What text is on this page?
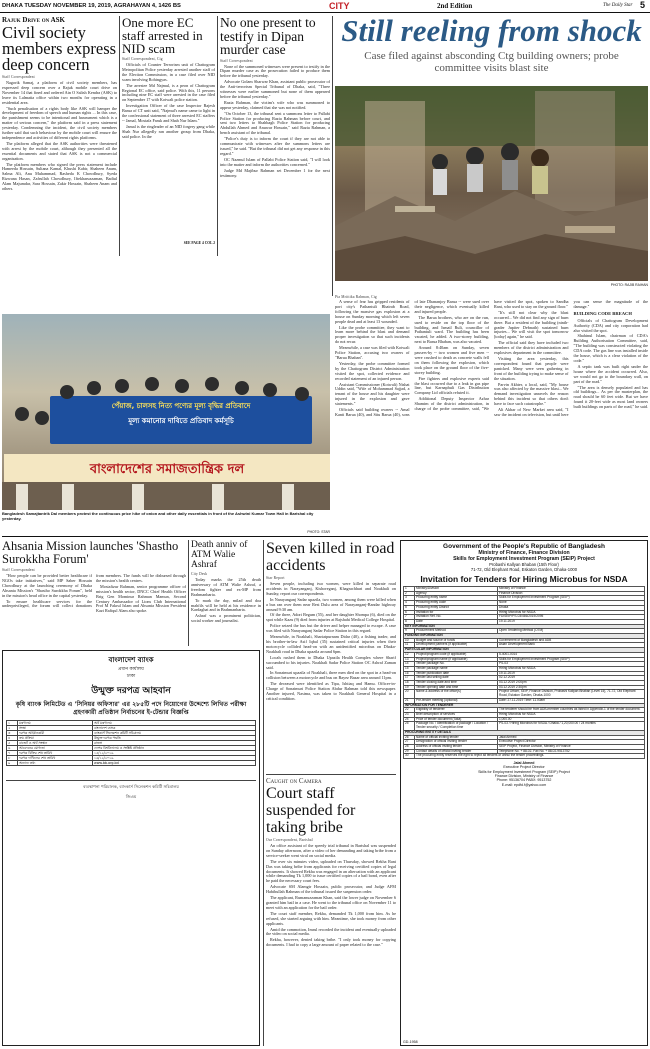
DHAKA TUESDAY NOVEMBER 19, 2019, AGRAHAYAN 4, 1426 BS	CITY	2nd Edition	The Daily Star 5
Rajuk Drive on ASK
Civil society members express deep concern
Staff Correspondent

Nagorik Samaj, a platform of civil society members, has expressed deep concern over a Rajuk mobile court drive on November 14 that fined and ordered Ain O Salish Kendra (ASK) to leave its Lalmatia office within two months for operating in a residential area.

"Such penalisation of a rights body like ASK will hamper the development of freedom of speech and human rights ... In this case, the punishment seems to be intentional and harassment which is a matter of serious concern," the platform said in a press statement yesterday. Condemning the incident, the civil society members further said that such behaviour by the mobile court will ensure the independence and activities of different rights platforms.

The platform alleged that the ASK authorities were threatened with arrest by the mobile court, although they presented all the essential documents and stated that ASK is not a commercial organisation.

The platform members who signed the press statement include Hameeda Hossain, Sultana Kamal, Khushi Kabir, Shaheen Anam, Salma Ali, Anu Muhammad, Rasheda K Chowdhury, Syeda Rizwana Hasan, Zafrullah Chowdhury, Iftekharuzzaman, Badiul Alam Majumdar, Sara Hossain, Zakir Hossain, Shaheen Anam and others.

One more EC staff arrested in NID scam
Staff Correspondent, Ctg

Officials of Counter Terrorism unit of Chattogram Metropolitan Police yesterday arrested another staff of the Election Commission, in a case filed over NID scam involving Rohingyas.

The arrestee Md Najmul, is a peon of Chattogram Regional EC office, said police. With this, 11 persons including nine EC staff were arrested in the case filed on September 17 with Kotwali police station.

Investigation Officer of the case Inspector Rajesh Barua of CT unit said, "Najmul's name came to light in the confessional statement of three arrested EC staffers -- Jamal, Mostafa Faruk and Shah Nur Islam."

Jamal is the ringleader of an NID forgery gang while Shah Nur allegedly ran another group from Dhaka, said police. In the

SEE PAGE 4 COL 2
No one present to testify in Dipan murder case
Staff Correspondent

None of the summoned witnesses were present to testify in the Dipan murder case as the prosecution failed to produce them before the tribunal yesterday.

Advocate Golam Sharwar Khan, assistant public prosecutor of the Anti-terrorism Special Tribunal of Dhaka, said, "Three witnesses were earlier summoned but none of them appeared before the tribunal yesterday."

Razia Rahman, the victim's wife who was summoned to appear yesterday, claimed that she was not notified.

"On October 13, the tribunal sent a summons letter to Pallabi Police Station for producing Razia Rahman before court, and sent two letters to Shahbagh Police Station for producing Abdullah Ahmed and Anuwar Hossain," said Razia Rahman, a bench assistant of the tribunal.

"Police's duty is to inform the court if they are not able to communicate with witnesses after the summons letters are issued," he said. "But the tribunal did not get any response in this regard."

OC Nazmul Islam of Pallabi Police Station said, "I will look into the matter and inform the authorities concerned."

Judge Md Majibur Rahman set December 1 for the next testimony.

Still reeling from shock
Case filed against absconding Ctg building owners; probe committee visits blast site
PHOTO: RAJIB RAIHAN
পেঁয়াজ, চালসহ নিত্য পণ্যের মূল্য বৃদ্ধির প্রতিবাদে
মূল্য কমানোর দাবিতে প্রতিবাদ কর্মসূচি
বাংলাদেশের সমাজতান্ত্রিক দল
Bangladesh Samajtantrik Dal members protest the continuous price hike of onion and other daily essentials in front of the Ashwini Kumar Town Hall in Barishal city yesterday.
PHOTO: STAR
Pia Mrittika Rahman, Ctg

A sense of fear has gripped residents of port city's Pathantuli Bhairab Road, following the massive gas explosion at a house on Sunday morning which left seven people dead and at least 13 wounded.

Like the probe committee, they want to learn more behind the blast and demand proper investigation so that such incidents do not recur.

Meanwhile, a case was filed with Kotwali Police Station, accusing two owners of "Barua Bhaban".

Yesterday, the probe committee formed by the Chattogram District Administration visited the spot, collected evidence and recorded statement of an injured person.

Assistant Commissioner (Kotwali) Nishat Uddin said, "Wife of Mohammad Sajjad, a tenant of the house and his daughter were injured in the explosion and gave statements."

Officials said building owners -- Amal Kanti Barua (40), and Situ Barua (40), sons of late Dhananjoy Barua -- were sued over their negligence, which eventually killed and injured people.

The Barua brothers, who are on the run, used to reside on the top floor of the building, and Ismail Ruli, councillor of Pathantuli ward. The building has been vacated, he added. A two-storey building, next to Barua Bhaban, was also vacated.

Around 8:40am on Sunday, seven passers-by -- two women and five men -- were crushed to death as concrete walls fell on them following the explosion, which took place on the ground floor of the five-storey building.

Fire fighters and explosive experts said the blast occurred due to a leak in gas pipe line, but Karnaphuli Gas Distribution Company Ltd officials refuted it.

Additional Deputy Inspector Azhar Shamim of the district administration, in charge of the probe committee, said, "We have visited the spot, spoken to Sandha Rani, who used to stay on the ground floor."

"It's still not clear why the blast occurred... We did not find any sign of burn there. But a resident of the building (ninth-grader Jupiter Debnath) sustained burn injuries... We will visit the spot tomorrow [today] again," he said.

The official said they have included two members of the district administration and explosives department in the committee.

Visiting the area yesterday, this correspondent found that people were panicked. Many were seen gathering in front of the building trying to make sense of the situation.

Parvin Akhter, a local, said, "My house was also affected by the massive blast... We demand investigation unravels the reason behind this incident so that others don't have to face such catastrophe."

Ali Akbar of New Market area said, "I saw the incident on television, but until here you can sense the magnitude of the damage."

BUILDING CODE BREACH

Officials of Chattogram Development Authority (CDA) and city corporation had also visited the spot.

Shahinul Islam, chairman of CDA's Building Authorisation Committee, said, "The building was constructed violating the CDA code. The gas line was installed inside the house, which is a clear violation of the code."

A septic tank was built right under the house where the accident occurred. Also, we would not go to the boundary wall, on part of the road."

"The area is densely populated and has old buildings... As per the masterplan, the road should be 60 feet wide. But we have found it 20-feet wide as most land owners built buildings on parts of the road," he said.

Ahsania Mission launches 'Shastho Surokkha Forum'
Staff Correspondent

"How people can be provided better healthcare if NGOs take initiatives," said MP Saber Hossain Chowdhury at the launching ceremony of Dhaka Ahsania Mission's "Shastho Surokkha Forum", held in the mission's head office in the capital yesterday.

To ensure healthcare services for the underprivileged, the forum will collect donations from members. The funds will be disbursed through the mission's health centres.

Mostafizur Rahman, senior programme officer of mission's health sector, DNCC Chief Health Officer Brig Gen Mominur Rahman Mamun, Second Century Ambassador of Lions Club International Prof M Fakrul Islam and Ahsania Mission President Kazi Rafiqul Alam also spoke.

Death anniv of ATM Walie Ashraf
City Desk

Today marks the 25th death anniversary of ATM Walie Ashraf, a freedom fighter and ex-MP from Brahmanbaria.

To mark the day, milad and doa mahfils will be held at his residence in Kardaghat and in Brahmanbaria.

Ashraf was a prominent politician, social worker and journalist.

Seven killed in road accidents
Star Report

Seven people, including two women, were killed in separate road accidents in Narayanganj, Kishoreganj, Khagrachhari and Noakhali on Sunday, report our correspondents.

In Narayanganj Sadar upazila, two women, among them were killed when a bus ran over them near Rest Dulu area of Narayanganj-Bandar highway around 9:30 am.

Of the three, Adori Begum (55), and her daughter Shompa (6), died on the spot while Kazu (9) died from injuries at Rajshahi Medical College Hospital.

Police seized the bus but the driver and helper managed to escape. A case was filed with Narayanganj Sadar Police Station in this regard.

Meanwhile, in Noakhali, Shariatpurnam Didar (40), a fishing trader, and his brother-in-law Asif Iqbal (35) sustained critical injuries when their motorcycle collided head-on with an unidentified microbus on Dhaka-Noakhali road in Dhaka upazila around 6pm.

Locals rushed them to Dhaka Upazila Health Complex where Sharif succumbed to his injuries. Noakhali Sadar Police Station OC Ashraf Zaman said.

In Sonaimuri upazila of Noakhali, three men died on the spot in a head-on collision between a motorcycle and bus on Bayez Bazar area around 11pm.

The deceased were identified as Tipu, Ishtiaq and Hamu. Officer-in-Charge of Sonaimuri Police Station Abdur Rahman told this newspaper. Another injured, Nasima, was taken to Noakhali General Hospital in a critical condition.

Caught on Camera
Court staff suspended for taking bribe
Our Correspondent, Barishal

An office assistant of the speedy trial tribunal in Barishal was suspended on Sunday afternoon, after a video of her demanding and taking bribe from a service-seeker went viral on social media.

The over six minutes video, uploaded on Thursday, showed Rekha Rani Das was taking bribe from applicants for receiving certified copies of legal documents. It showed Rekha was engaged in an altercation with an applicant while demanding Tk 1,000 to issue certified copies of a bail bond, even after he paid the necessary court fees.

Advocate SM Alamgir Hossain, public prosecutor, and Judge AFM Habibullah Rahman of the tribunal issued the suspension order.

The applicant, Rumanuzzaman Khan, said the lower judge on November 6 granted him bail in a case. He went to the tribunal office on November 11 to meet with an application for the bail order.

The court staff member, Rekha, demanded Tk 1,000 from him. As he refused, she started arguing with him. Meantime, she took money from other applicants.

Amid the commotion, Imrul recorded the incident and eventually uploaded the video on social media.

Rekha, however, denied taking bribe. "I only took money for copying documents. I had to copy a large amount of paper related to the case."

বাংলাদেশ ব্যাংক
প্রধান কার্যালয়
ঢাকা
উন্মুক্ত দরপত্র আহবান
কৃষি ব্যাংক লিমিটেড এ 'সিনিয়র অফিসার' এর ২৮৫টি পদে নিয়োগের উদ্দেশ্যে লিখিত পরীক্ষা গ্রহণকারী প্রতিষ্ঠান নির্বাচনের ই-টেন্ডার বিজ্ঞপ্তি
১	মন্ত্রণালয়	অর্থ মন্ত্রণালয়
২	সংস্থা	বাংলাদেশ ব্যাংক
৩	দরপত্র আহ্বানকারী	ব্যাংকার্স সিলেকশন কমিটি সচিবালয়
৪	ক্রয় প্রক্রিয়া	উন্মুক্ত দরপত্র পদ্ধতি
৫	বাজেট ও অর্থ সংস্থান	রাজস্ব
৬	আবেদনের যোগ্যতা	দেশের বিশ্ববিদ্যালয় ও সংশ্লিষ্ট প্রতিষ্ঠান
৭	দরপত্র বিক্রির শেষ তারিখ	১৫/১২/২০১৯
৮	দরপত্র দাখিলের শেষ তারিখ	১৬/১২/২০১৯
৯	অন্যান্য তথ্য	www.bb.org.bd
ব্যবস্থাপনা পরিচালক, ব্যাংকার্স সিলেকশন কমিটি সচিবালয়
জিএম
Government of the People's Republic of Bangladesh
Ministry of Finance, Finance Division
Skills for Employment Investment Program (SEIP) Project
Probashi Kallyan Bhaban (15th Floor)
71-72, Old Elephant Road, Eskaton Garden, Dhaka-1000
Invitation for Tenders for Hiring Microbus for NSDA
1	Ministry/Division	Ministry of Finance
2	Agency	Finance Division
3	Procuring entity name	Skills for Employment Investment Program (SEIP)
4	Procuring entity code	None
5	Procuring entity District	Dhaka
6	Invitation for	Hiring Microbus for NSDA
7	Invitation Ref. No.	FD/SEIP/PS-03/466/2019/2095
8	Date	19.11.2019
KEY INFORMATION		
9	Procurement Method	Open Tendering Method (OTM)
FUNDING INFORMATION		
10	Budget and source of funds	Government of Bangladesh and ADB
11	Development partners (if applicable)	Asian Development Bank
PARTICULAR INFORMATION		
12	Project/program code (if applicable)	5-4001-0014
13	Project/program name (if applicable)	Skills for Employment Investment Program (SEIP)
14	Tender package No.	PS-03
15	Tender package name	Hiring Microbus for NSDA
16	Tender publication date	19.11.2019
17	Tender last selling date	02.12.2019
18	Tender closing date and time	03.12.2019 2:00pm
19	Tender opening date and time	03.12.2019 2:30pm
20	Name & address of the office(s)	Project Officer, SEIP, Finance Division, Probashi Kallyan Bhaban (Level 15), 71-72, Old Elephant Road, Eskaton Garden, Dhaka-1000
21	Pre-tender meeting (optional)	Date: 27.11.2019 Time: 11.00am
INFORMATION FOR TENDERER		
22	Eligibility of tenderer	The tenderer should be from ADB-member countries as listed in Appendix-1 of the tender document.
23	Brief description of services	Hiring Microbus for NSDA
24	Price of tender document (Taka)	1,000.00
25	Package No. / Identification of package / Location / Tender security / Completion time	PS-03 / Hiring Microbus for NSDA / Dhaka / 1,20,000.00 / 24 months
PROCURING ENTITY DETAILS		
26	Name of official inviting tender	Jalal Ahmed
27	Designation of official inviting tender	Executive Project Director
28	Address of official inviting tender	SEIP Project, Finance Division, Ministry of Finance
29	Contact details of official inviting tender	Telephone No. + 88-02- Fax No. + 88-02-9513752
30	The procuring entity reserves the right to reject all tenders or annul the tender proceedings.	
Jalal Ahmed
Executive Project Director
Skills for Employment Investment Program (SEIP) Project
Finance Division, Ministry of Finance
Phone: 95136704 PABX: 9513752
E-mail: epdfd.f@yahoo.com
GD-1958
